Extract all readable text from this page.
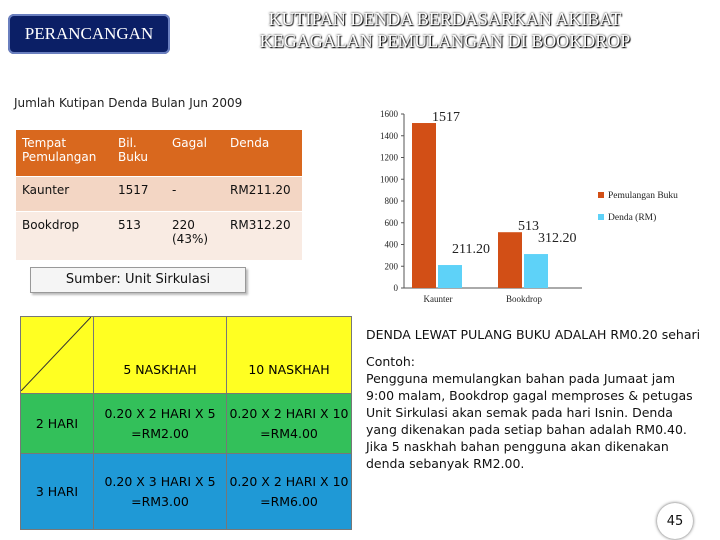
PERANCANGAN
KUTIPAN DENDA BERDASARKAN AKIBAT
KEGAGALAN PEMULANGAN DI BOOKDROP
Jumlah Kutipan Denda Bulan Jun 2009
Tempat Pemulangan	Bil. Buku	Gagal	Denda
Kaunter	1517	-	RM211.20
Bookdrop	513	220 (43%)	RM312.20
Sumber: Unit Sirkulasi
0
200
400
600
800
1000
1200
1400
1600 1517
211.20
Kaunter
513
312.20
Bookdrop
Pemulangan Buku
Denda (RM)
	5 NASKHAH	10 NASKHAH
2 HARI	0.20 X 2 HARI X 5 =RM2.00	0.20 X 2 HARI X 10 =RM4.00
3 HARI	0.20 X 3 HARI X 5 =RM3.00	0.20 X 2 HARI X 10 =RM6.00

DENDA LEWAT PULANG BUKU ADALAH RM0.20 sehari

Contoh:

Pengguna memulangkan bahan pada Jumaat jam 9:00 malam, Bookdrop gagal memproses & petugas Unit Sirkulasi akan semak pada hari Isnin. Denda yang dikenakan pada setiap bahan adalah RM0.40. Jika 5 naskhah bahan pengguna akan dikenakan denda sebanyak RM2.00.

45
